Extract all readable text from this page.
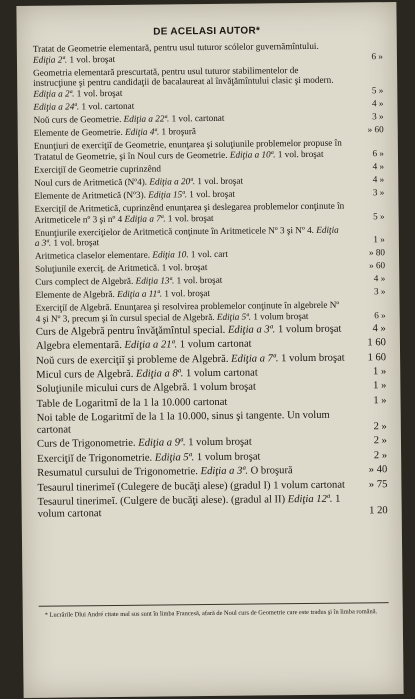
DE ACELASI AUTOR*
Tratat de Geometrie elementară, pentru usul tuturor scólelor guvernămîntului. Ediţia 2ª. 1 vol. broşat	6 »
Geometria elementară prescurtată, pentru usul tuturor stabilimentelor de instrucţiune şi pentru candidaţii de bacalaureat al învăţămîntului clasic şi modern. Ediţia a 2ª. 1 vol. broşat	5 »
Ediţia a 24ª. 1 vol. cartonat	4 »
Noŭ curs de Geometrie. Ediţia a 22ª. 1 vol. cartonat	3 »
Elemente de Geometrie. Ediţia 4ª. 1 broşură	» 60
Enunţiuri de exerciţiĭ de Geometrie, enunţarea şi soluţiunile problemelor propuse în Tratatul de Geometrie, şi în Noul curs de Geometrie. Ediţia a 10ª. 1 vol. broşat	6 »
Exerciţiĭ de Geometrie cuprinzênd	4 »
Noul curs de Aritmetică (Nº4). Ediţia a 20ª. 1 vol. broşat	4 »
Elemente de Aritmetică (Nº3). Ediţia 15ª. 1 vol. broşat	3 »
Exerciţiĭ de Aritmetică, cuprinzênd enunţarea şi deslegarea problemelor conţinute în Aritmeticele nº 3 şi nº 4 Ediţia a 7ª. 1 vol. broşat	5 »
Enunţiurile exerciţielor de Aritmetică conţinute în Aritmeticele Nº 3 şi Nº 4. Ediţia a 3ª. 1 vol. broşat	1 »
Aritmetica claselor elementare. Ediţia 10. 1 vol. cart	» 80
Soluţiunile exerciţ. de Aritmetică. 1 vol. broşat	» 60
Curs complect de Algebră. Ediţia 13ª. 1 vol. broşat	4 »
Elemente de Algebră. Ediţia a 11ª. 1 vol. broşat	3 »
Exerciţiĭ de Algebră. Enunţarea şi resolvirea problemelor conţinute în algebrele Nº 4 şi Nº 3, precum şi în cursul special de Algebră. Ediţia 5ª. 1 volum broşat	6 »
Curs de Algebră pentru învăţămîntul special. Ediţia a 3ª. 1 volum broşat	4 »
Algebra elementară. Ediţia a 21ª. 1 volum cartonat	1 60
Noŭ curs de exerciţiĭ şi probleme de Algebră. Ediţia a 7ª. 1 volum broşat	1 60
Micul curs de Algebră. Ediţia a 8ª. 1 volum cartonat	1 »
Soluţiunile micului curs de Algebră. 1 volum broşat	1 »
Table de Logaritmĭ de la 1 la 10.000 cartonat	1 »
Noi table de Logaritmĭ de la 1 la 10.000, sinus şi tangente. Un volum cartonat	2 »
Curs de Trigonometrie. Ediţia a 9ª. 1 volum broşat	2 »
Exerciţiĭ de Trigonometrie. Ediţia 5ª. 1 volum broşat	2 »
Resumatul cursului de Trigonometrie. Ediţia a 3ª. O broşură	» 40
Tesaurul tinerimeĭ (Culegere de bucăţi alese) (gradul I) 1 volum cartonat	» 75
Tesaurul tinerimeĭ. (Culgere de bucăţi alese). (gradul al II) Ediţia 12ª. 1 volum cartonat	1 20
* Lucrările Dlui André citate maĭ sus sunt în limba Francesă, afară de Noul curs de Geometrie care este tradus şi în limba română.
